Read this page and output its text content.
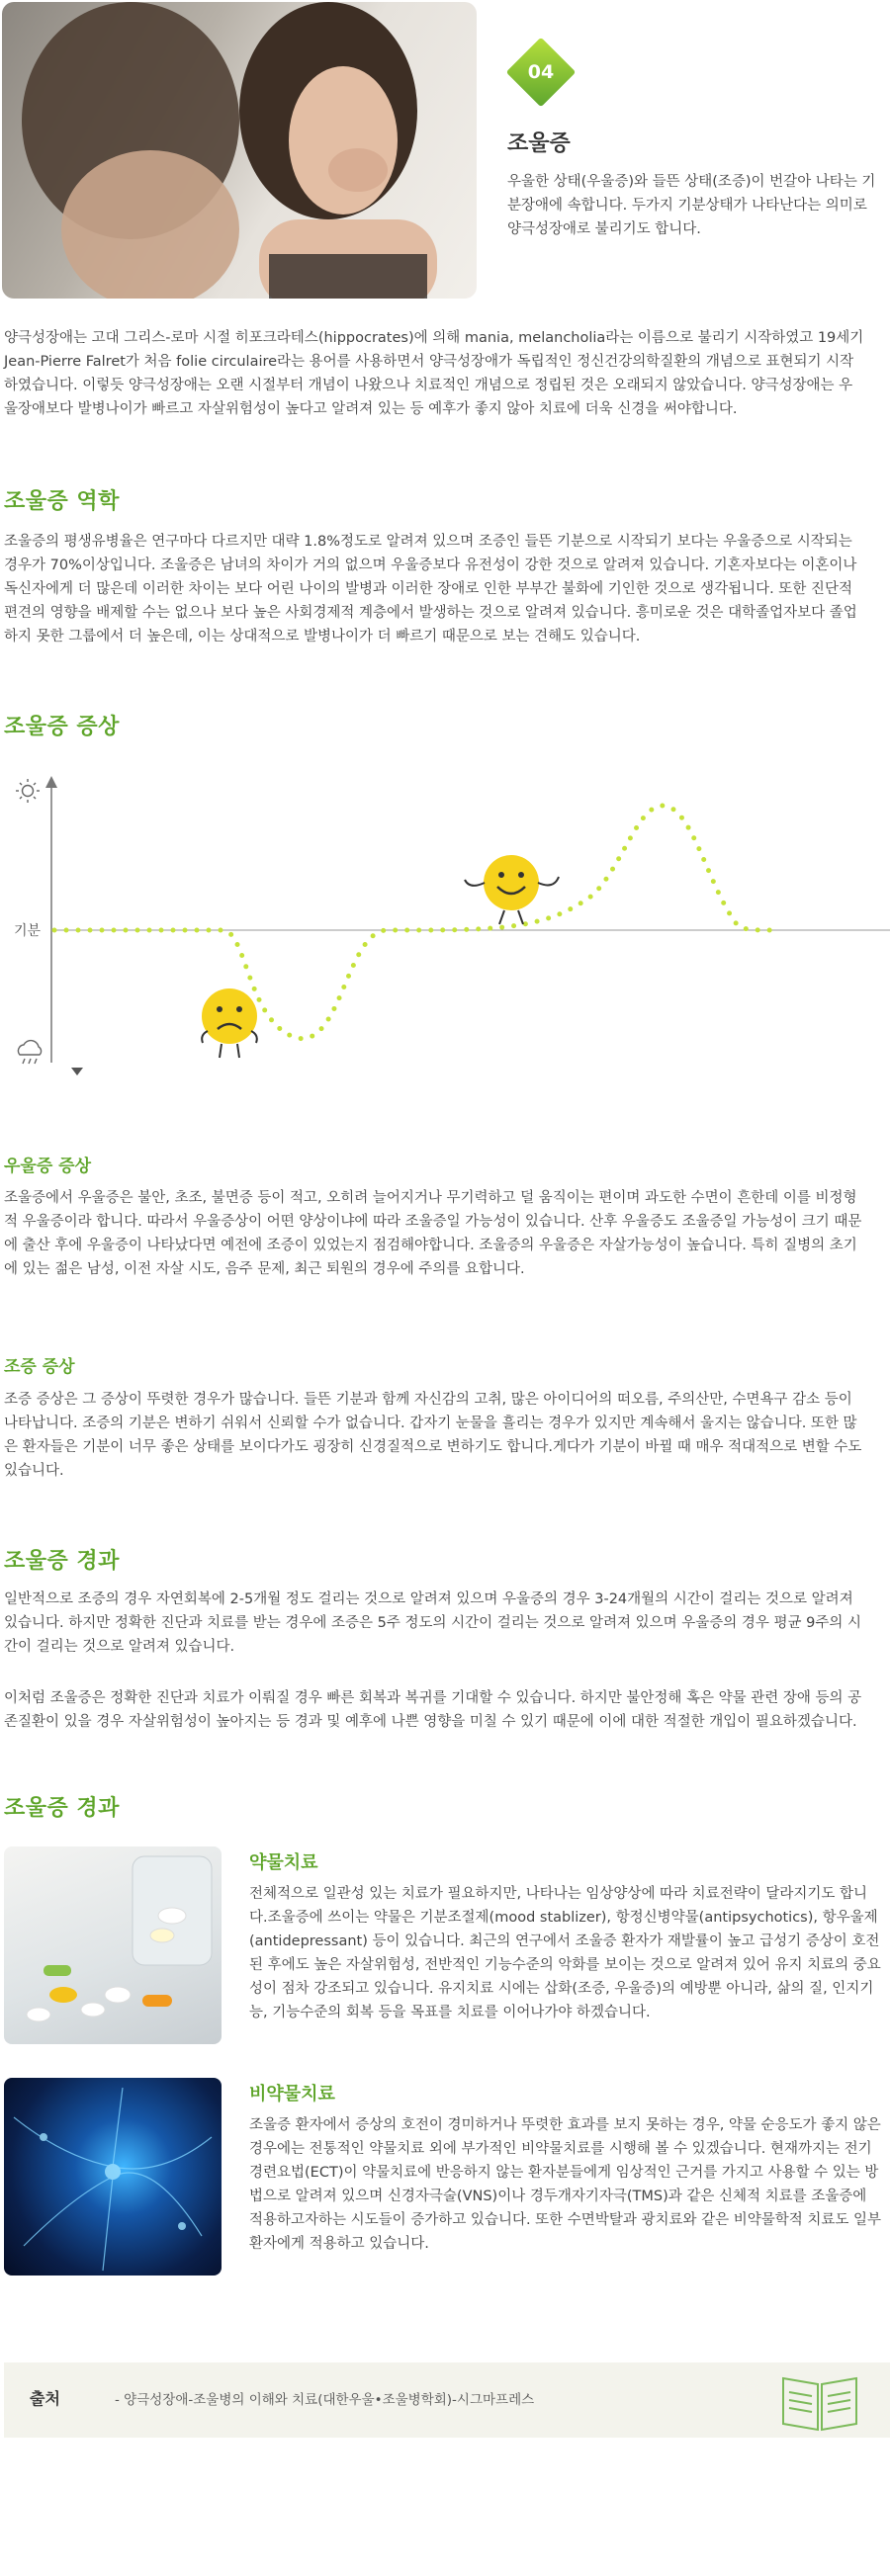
04
조울증

우울한 상태(우울증)와 들뜬 상태(조증)이 번갈아 나타는 기분장애에 속합니다. 두가지 기분상태가 나타난다는 의미로 양극성장애로 불리기도 합니다.

양극성장애는 고대 그리스-로마 시절 히포크라테스(hippocrates)에 의해 mania, melancholia라는 이름으로 불리기 시작하였고 19세기 Jean-Pierre Falret가 처음 folie circulaire라는 용어를 사용하면서 양극성장애가 독립적인 정신건강의학질환의 개념으로 표현되기 시작하였습니다. 이렇듯 양극성장애는 오랜 시절부터 개념이 나왔으나 치료적인 개념으로 정립된 것은 오래되지 않았습니다. 양극성장애는 우울장애보다 발병나이가 빠르고 자살위험성이 높다고 알려져 있는 등 예후가 좋지 않아 치료에 더욱 신경을 써야합니다.

조울증 역학

조울증의 평생유병율은 연구마다 다르지만 대략 1.8%정도로 알려져 있으며 조증인 들뜬 기분으로 시작되기 보다는 우울증으로 시작되는 경우가 70%이상입니다. 조울증은 남녀의 차이가 거의 없으며 우울증보다 유전성이 강한 것으로 알려져 있습니다. 기혼자보다는 이혼이나 독신자에게 더 많은데 이러한 차이는 보다 어린 나이의 발병과 이러한 장애로 인한 부부간 불화에 기인한 것으로 생각됩니다. 또한 진단적 편견의 영향을 배제할 수는 없으나 보다 높은 사회경제적 계층에서 발생하는 것으로 알려져 있습니다. 흥미로운 것은 대학졸업자보다 졸업하지 못한 그룹에서 더 높은데, 이는 상대적으로 발병나이가 더 빠르기 때문으로 보는 견해도 있습니다.

조울증 증상
기분
우울증 증상

조울증에서 우울증은 불안, 초조, 불면증 등이 적고, 오히려 늘어지거나 무기력하고 덜 움직이는 편이며 과도한 수면이 흔한데 이를 비정형적 우울증이라 합니다. 따라서 우울증상이 어떤 양상이냐에 따라 조울증일 가능성이 있습니다. 산후 우울증도 조울증일 가능성이 크기 때문에 출산 후에 우울증이 나타났다면 예전에 조증이 있었는지 점검해야합니다. 조울증의 우울증은 자살가능성이 높습니다. 특히 질병의 초기에 있는 젊은 남성, 이전 자살 시도, 음주 문제, 최근 퇴원의 경우에 주의를 요합니다.

조증 증상

조증 증상은 그 증상이 뚜렷한 경우가 많습니다. 들뜬 기분과 함께 자신감의 고취, 많은 아이디어의 떠오름, 주의산만, 수면욕구 감소 등이 나타납니다. 조증의 기분은 변하기 쉬워서 신뢰할 수가 없습니다. 갑자기 눈물을 흘리는 경우가 있지만 계속해서 울지는 않습니다. 또한 많은 환자들은 기분이 너무 좋은 상태를 보이다가도 굉장히 신경질적으로 변하기도 합니다.게다가 기분이 바뀔 때 매우 적대적으로 변할 수도 있습니다.

조울증 경과

일반적으로 조증의 경우 자연회복에 2-5개월 정도 걸리는 것으로 알려져 있으며 우울증의 경우 3-24개월의 시간이 걸리는 것으로 알려져 있습니다. 하지만 정확한 진단과 치료를 받는 경우에 조증은 5주 정도의 시간이 걸리는 것으로 알려져 있으며 우울증의 경우 평균 9주의 시간이 걸리는 것으로 알려져 있습니다.

이처럼 조울증은 정확한 진단과 치료가 이뤄질 경우 빠른 회복과 복귀를 기대할 수 있습니다. 하지만 불안정해 혹은 약물 관련 장애 등의 공존질환이 있을 경우 자살위험성이 높아지는 등 경과 및 예후에 나쁜 영향을 미칠 수 있기 때문에 이에 대한 적절한 개입이 필요하겠습니다.

조울증 경과
약물치료

전체적으로 일관성 있는 치료가 필요하지만, 나타나는 임상양상에 따라 치료전략이 달라지기도 합니다.조울증에 쓰이는 약물은 기분조절제(mood stablizer), 항정신병약물(antipsychotics), 항우울제(antidepressant) 등이 있습니다. 최근의 연구에서 조울증 환자가 재발률이 높고 급성기 증상이 호전된 후에도 높은 자살위험성, 전반적인 기능수준의 악화를 보이는 것으로 알려져 있어 유지 치료의 중요성이 점차 강조되고 있습니다. 유지치료 시에는 삽화(조증, 우울증)의 예방뿐 아니라, 삶의 질, 인지기능, 기능수준의 회복 등을 목표를 치료를 이어나가야 하겠습니다.

비약물치료

조울증 환자에서 증상의 호전이 경미하거나 뚜렷한 효과를 보지 못하는 경우, 약물 순응도가 좋지 않은 경우에는 전통적인 약물치료 외에 부가적인 비약물치료를 시행해 볼 수 있겠습니다. 현재까지는 전기경련요법(ECT)이 약물치료에 반응하지 않는 환자분들에게 임상적인 근거를 가지고 사용할 수 있는 방법으로 알려져 있으며 신경자극술(VNS)이나 경두개자기자극(TMS)과 같은 신체적 치료를 조울증에 적용하고자하는 시도들이 증가하고 있습니다. 또한 수면박탈과 광치료와 같은 비약물학적 치료도 일부 환자에게 적용하고 있습니다.

출처	- 양극성장애-조울병의 이해와 치료(대한우울•조울병학회)-시그마프레스
